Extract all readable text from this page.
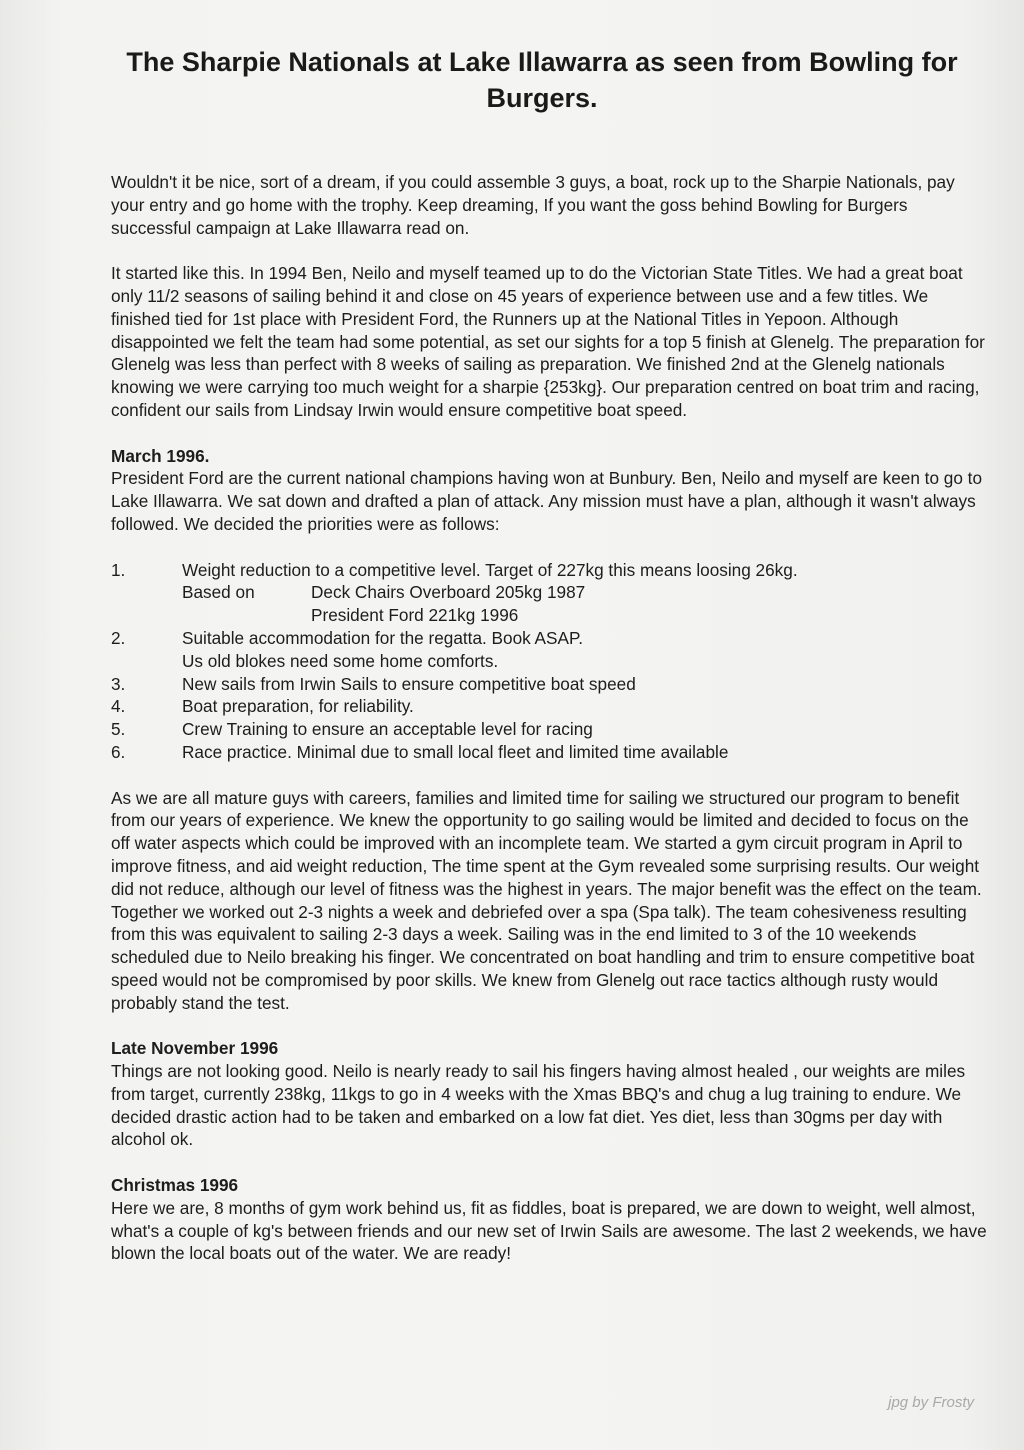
The Sharpie Nationals at Lake Illawarra as seen from Bowling for Burgers.

Wouldn't it be nice, sort of a dream, if you could assemble 3 guys, a boat, rock up to the Sharpie Nationals, pay your entry and go home with the trophy. Keep dreaming, If you want the goss behind Bowling for Burgers successful campaign at Lake Illawarra read on.

It started like this. In 1994 Ben, Neilo and myself teamed up to do the Victorian State Titles. We had a great boat only 11/2 seasons of sailing behind it and close on 45 years of experience between use and a few titles. We finished tied for 1st place with President Ford, the Runners up at the National Titles in Yepoon. Although disappointed we felt the team had some potential, as set our sights for a top 5 finish at Glenelg. The preparation for Glenelg was less than perfect with 8 weeks of sailing as preparation. We finished 2nd at the Glenelg nationals knowing we were carrying too much weight for a sharpie {253kg}. Our preparation centred on boat trim and racing, confident our sails from Lindsay Irwin would ensure competitive boat speed.

March 1996.

President Ford are the current national champions having won at Bunbury. Ben, Neilo and myself are keen to go to Lake Illawarra. We sat down and drafted a plan of attack. Any mission must have a plan, although it wasn't always followed. We decided the priorities were as follows:

1.	Weight reduction to a competitive level. Target of 227kg this means loosing 26kg.
Based on	Deck Chairs Overboard 205kg 1987
President Ford 221kg 1996
2.	Suitable accommodation for the regatta. Book ASAP.
Us old blokes need some home comforts.
3.	New sails from Irwin Sails to ensure competitive boat speed
4.	Boat preparation, for reliability.
5.	Crew Training to ensure an acceptable level for racing
6.	Race practice. Minimal due to small local fleet and limited time available

As we are all mature guys with careers, families and limited time for sailing we structured our program to benefit from our years of experience. We knew the opportunity to go sailing would be limited and decided to focus on the off water aspects which could be improved with an incomplete team. We started a gym circuit program in April to improve fitness, and aid weight reduction, The time spent at the Gym revealed some surprising results. Our weight did not reduce, although our level of fitness was the highest in years. The major benefit was the effect on the team. Together we worked out 2-3 nights a week and debriefed over a spa (Spa talk). The team cohesiveness resulting from this was equivalent to sailing 2-3 days a week. Sailing was in the end limited to 3 of the 10 weekends scheduled due to Neilo breaking his finger. We concentrated on boat handling and trim to ensure competitive boat speed would not be compromised by poor skills. We knew from Glenelg out race tactics although rusty would probably stand the test.

Late November 1996

Things are not looking good. Neilo is nearly ready to sail his fingers having almost healed , our weights are miles from target, currently 238kg, 11kgs to go in 4 weeks with the Xmas BBQ's and chug a lug training to endure. We decided drastic action had to be taken and embarked on a low fat diet. Yes diet, less than 30gms per day with alcohol ok.

Christmas 1996

Here we are, 8 months of gym work behind us, fit as fiddles, boat is prepared, we are down to weight, well almost, what's a couple of kg's between friends and our new set of Irwin Sails are awesome. The last 2 weekends, we have blown the local boats out of the water. We are ready!

jpg by Frosty
